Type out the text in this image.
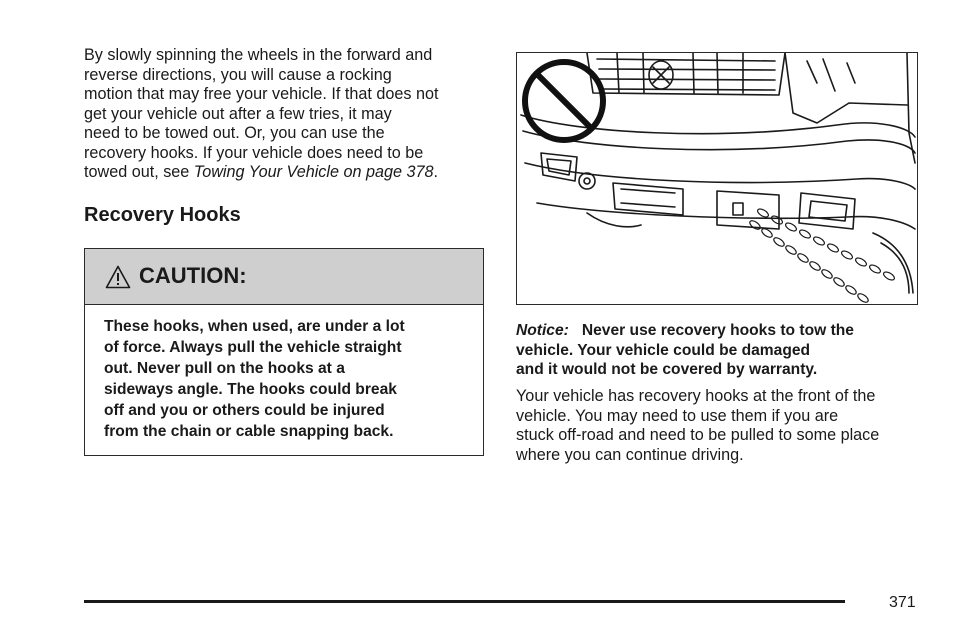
By slowly spinning the wheels in the forward and
reverse directions, you will cause a rocking
motion that may free your vehicle. If that does not
get your vehicle out after a few tries, it may
need to be towed out. Or, you can use the
recovery hooks. If your vehicle does need to be
towed out, see Towing Your Vehicle on page 378.
Recovery Hooks
CAUTION:
These hooks, when used, are under a lot
of force. Always pull the vehicle straight
out. Never pull on the hooks at a
sideways angle. The hooks could break
off and you or others could be injured
from the chain or cable snapping back.
Notice: Never use recovery hooks to tow the
vehicle. Your vehicle could be damaged
and it would not be covered by warranty.
Your vehicle has recovery hooks at the front of the
vehicle. You may need to use them if you are
stuck off-road and need to be pulled to some place
where you can continue driving.
371
